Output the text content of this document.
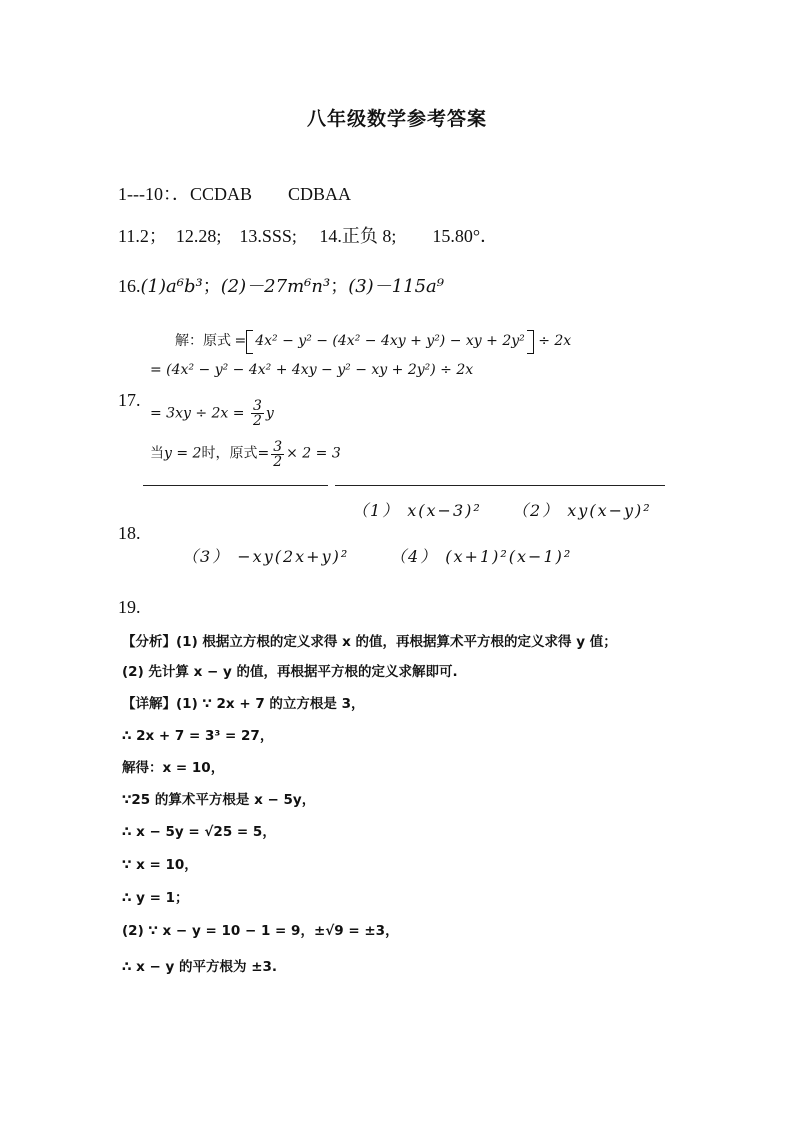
八年级数学参考答案
1---10：．CCDAB　　CDBAA
11.2；　12.28;　13.SSS;　 14.正负 8;　　15.80°．
16.(1)a⁶b³；(2)－27m⁶n³；(3)－115a⁹
解：原式 = 4x² − y² − (4x² − 4xy + y²) − xy + 2y² ÷ 2x
= (4x² − y² − 4x² + 4xy − y² − xy + 2y²) ÷ 2x
17.
= $3xy \div 2x = \frac{3}{2}$ y
当y = 2时，原式= $\frac{3}{2} \times 2 = 3$
（1） x(x−3)² （2） xy(x−y)²
18.
（3） −xy(2x+y)²	（4） (x+1)²(x−1)²
19.
【分析】(1) 根据立方根的定义求得 x 的值，再根据算术平方根的定义求得 y 值；
(2) 先计算 x − y 的值，再根据平方根的定义求解即可.
【详解】(1) ∵ 2x + 7 的立方根是 3，
∴ 2x + 7 = 3³ = 27，
解得：x = 10，
∵25 的算术平方根是 x − 5y，
∴ x − 5y = √25 = 5，
∵ x = 10，
∴ y = 1；
(2) ∵ x − y = 10 − 1 = 9，±√9 = ±3，
∴ x − y 的平方根为 ±3.
